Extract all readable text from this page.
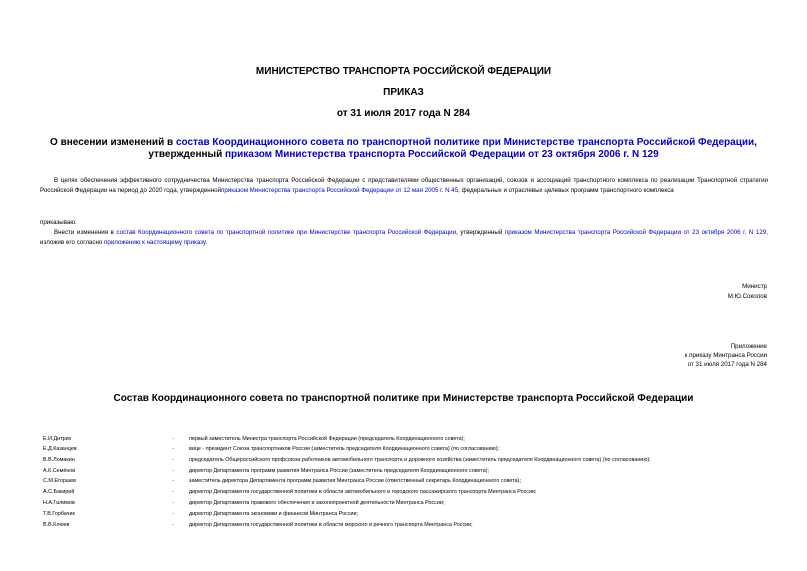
МИНИСТЕРСТВО ТРАНСПОРТА РОССИЙСКОЙ ФЕДЕРАЦИИ
ПРИКАЗ
от 31 июля 2017 года N 284
О внесении изменений в состав Координационного совета по транспортной политике при Министерстве транспорта Российской Федерации, утвержденный приказом Министерства транспорта Российской Федерации от 23 октября 2006 г. N 129
В целях обеспечения эффективного сотрудничества Министерства транспорта Российской Федерации с представителями общественных организаций, союзов и ассоциаций транспортного комплекса по реализации Транспортной стратегии Российской Федерации на период до 2020 года, утвержденнойприказом Министерства транспорта Российской Федерации от 12 мая 2005 г. N 45, федеральных и отраслевых целевых программ транспортного комплекса
приказываю:
Внести изменения в состав Координационного совета по транспортной политике при Министерстве транспорта Российской Федерации, утвержденный приказом Министерства транспорта Российской Федерации от 23 октября 2006 г. N 129, изложив его согласно приложению к настоящему приказу.
Министр
М.Ю.Соколов
Приложение
к приказу Минтранса России
от 31 июля 2017 года N 284
Состав Координационного совета по транспортной политике при Министерстве транспорта Российской Федерации
Е.И.Дитрих	-	первый заместитель Министра транспорта Российской Федерации (председатель Координационного совета);
Е.Д.Казанцев	-	вице - президент Союза транспортников России (заместитель председателя Координационного совета) (по согласованию);
В.В.Ломакин	-	председатель Общероссийского профсоюза работников автомобильного транспорта и дорожного хозяйства (заместитель председателя Координационного совета) (по согласованию);
А.К.Семёнов	-	директор Департамента программ развития Минтранса России (заместитель председателя Координационного совета);
С.М.Егоршев	-	заместитель директора Департамента программ развития Минтранса России (ответственный секретарь Координационного совета);
А.С.Бакирей	-	директор Департамента государственной политики в области автомобильного и городского пассажирского транспорта Минтранса России;
Н.А.Галимов	-	директор Департамента правового обеспечения и законопроектной деятельности Минтранса России;
Т.В.Горбачик	-	директор Департамента экономики и финансов Минтранса России;
В.В.Клюев	-	директор Департамента государственной политики в области морского и речного транспорта Минтранса России;
